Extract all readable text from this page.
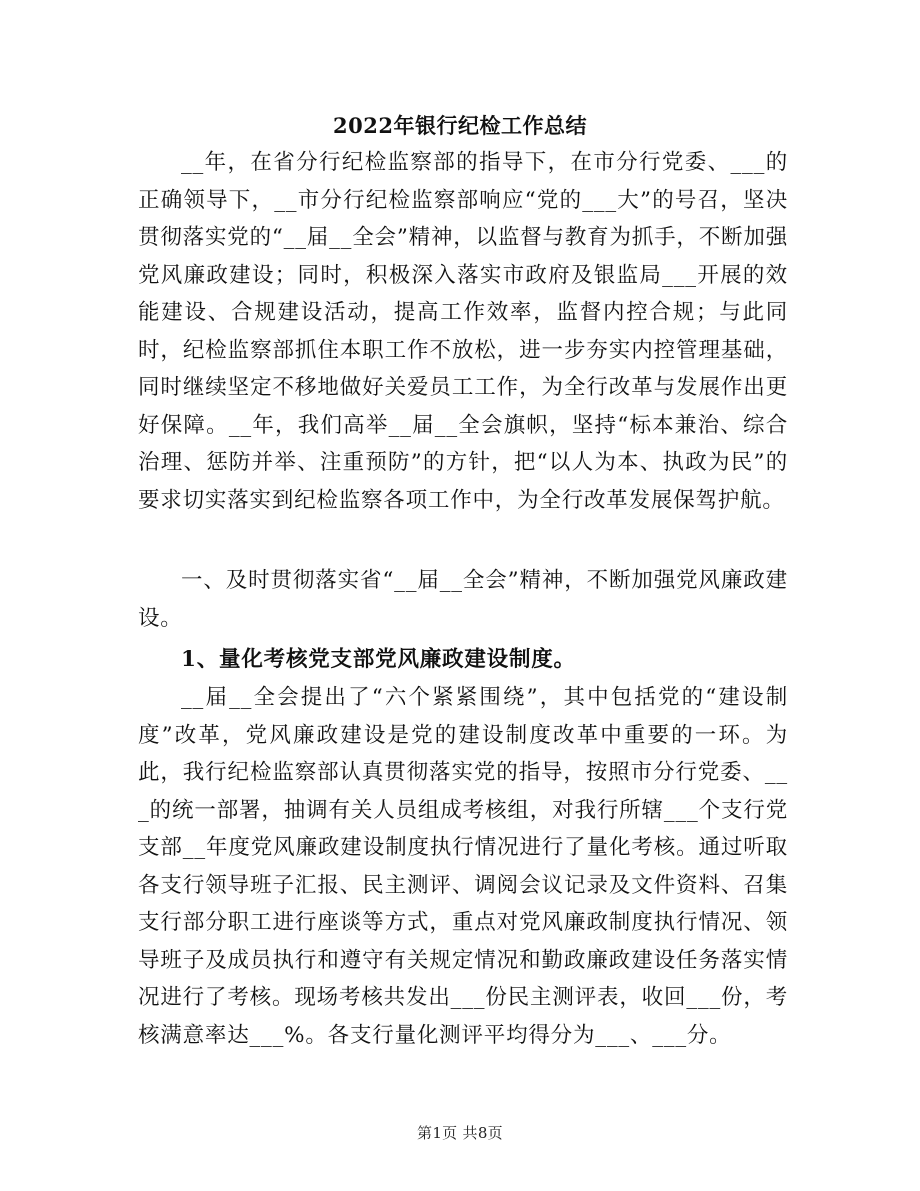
2022年银行纪检工作总结

__年，在省分行纪检监察部的指导下，在市分行党委、___的正确领导下，__市分行纪检监察部响应“党的___大”的号召，坚决贯彻落实党的“__届__全会”精神，以监督与教育为抓手，不断加强党风廉政建设；同时，积极深入落实市政府及银监局___开展的效能建设、合规建设活动，提高工作效率，监督内控合规；与此同时，纪检监察部抓住本职工作不放松，进一步夯实内控管理基础，同时继续坚定不移地做好关爱员工工作，为全行改革与发展作出更好保障。__年，我们高举__届__全会旗帜，坚持“标本兼治、综合治理、惩防并举、注重预防”的方针，把“以人为本、执政为民”的要求切实落实到纪检监察各项工作中，为全行改革发展保驾护航。

一、及时贯彻落实省“__届__全会”精神，不断加强党风廉政建设。

1、量化考核党支部党风廉政建设制度。

__届__全会提出了“六个紧紧围绕”，其中包括党的“建设制度”改革，党风廉政建设是党的建设制度改革中重要的一环。为此，我行纪检监察部认真贯彻落实党的指导，按照市分行党委、___的统一部署，抽调有关人员组成考核组，对我行所辖___个支行党支部__年度党风廉政建设制度执行情况进行了量化考核。通过听取各支行领导班子汇报、民主测评、调阅会议记录及文件资料、召集支行部分职工进行座谈等方式，重点对党风廉政制度执行情况、领导班子及成员执行和遵守有关规定情况和勤政廉政建设任务落实情况进行了考核。现场考核共发出___份民主测评表，收回___份，考核满意率达___%。各支行量化测评平均得分为___、___分。

第1页 共8页
